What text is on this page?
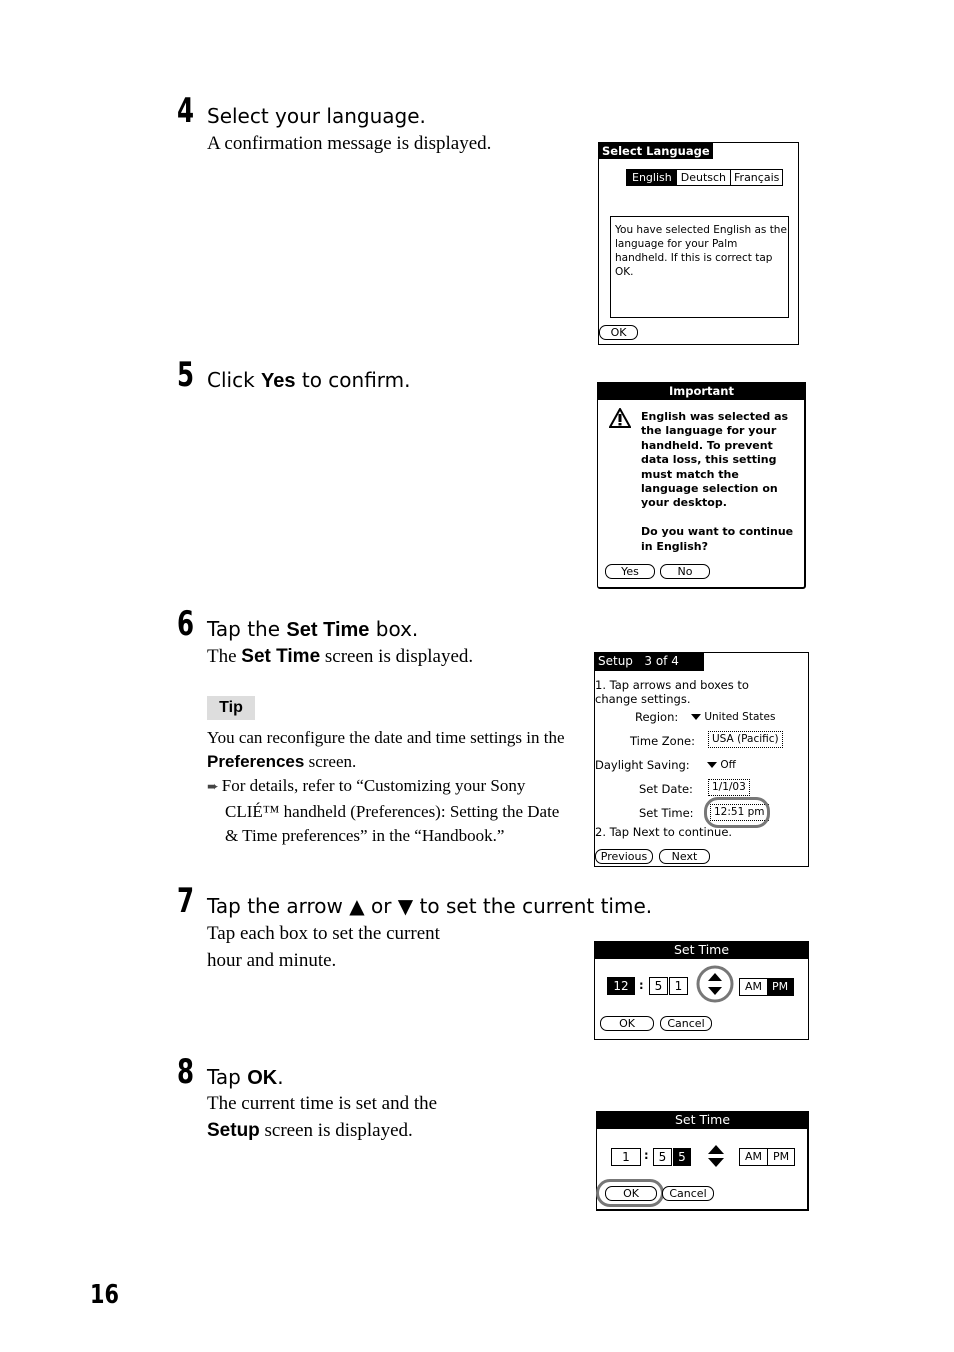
4 Select your language.
A confirmation message is displayed.	Select Language
English Deutsch Français
You have selected English as the
language for your Palm
handheld. If this is correct tap
OK.
OK
5 Click Yes to confirm.	Important
English was selected as
the language for your
handheld. To prevent
data loss, this setting
must match the
language selection on
your desktop.
Do you want to continue
in English?
Yes	No
6 Tap the Set Time box.
The Set Time screen is displayed.
Tip
You can reconfigure the date and time settings in the
Preferences screen.
➨ For details, refer to “Customizing your Sony
CLIÉ™ handheld (Preferences): Setting the Date
& Time preferences” in the “Handbook.”
Setup   3 of 4
1. Tap arrows and boxes to
change settings.
Region:	United States
Time Zone:	USA (Pacific)
Daylight Saving:	Off
Set Date:	1/1/03
Set Time:	12:51 pm
2. Tap Next to continue.
Previous	Next
7 Tap the arrow ▲ or ▼ to set the current time.
Tap each box to set the current
hour and minute.
Set Time
12 : 5	1	AM PM
OK	Cancel
8 Tap OK.
The current time is set and the
Setup screen is displayed.
Set Time
1	: 5 5	AM	PM
OK	Cancel
16
